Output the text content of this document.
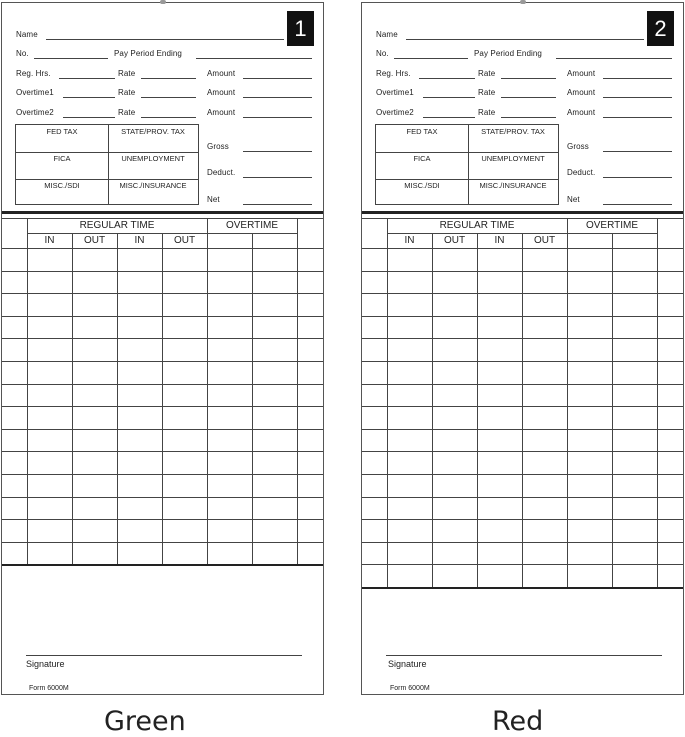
1
Name
No.	Pay Period Ending
Reg. Hrs.	Rate	Amount
Overtime1	Rate	Amount
Overtime2	Rate	Amount
FED TAX	STATE/PROV. TAX
FICA	UNEMPLOYMENT
MISC./SDI	MISC./INSURANCE
Gross
Deduct.
Net
REGULAR TIME	OVERTIME
IN	OUT	IN	OUT
Signature
Form 6000M
2
Name
No.	Pay Period Ending
Reg. Hrs.	Rate	Amount
Overtime1	Rate	Amount
Overtime2	Rate	Amount
FED TAX	STATE/PROV. TAX
FICA	UNEMPLOYMENT
MISC./SDI	MISC./INSURANCE
Gross
Deduct.
Net
REGULAR TIME	OVERTIME
IN	OUT	IN	OUT
Signature
Form 6000M
Green	Red
